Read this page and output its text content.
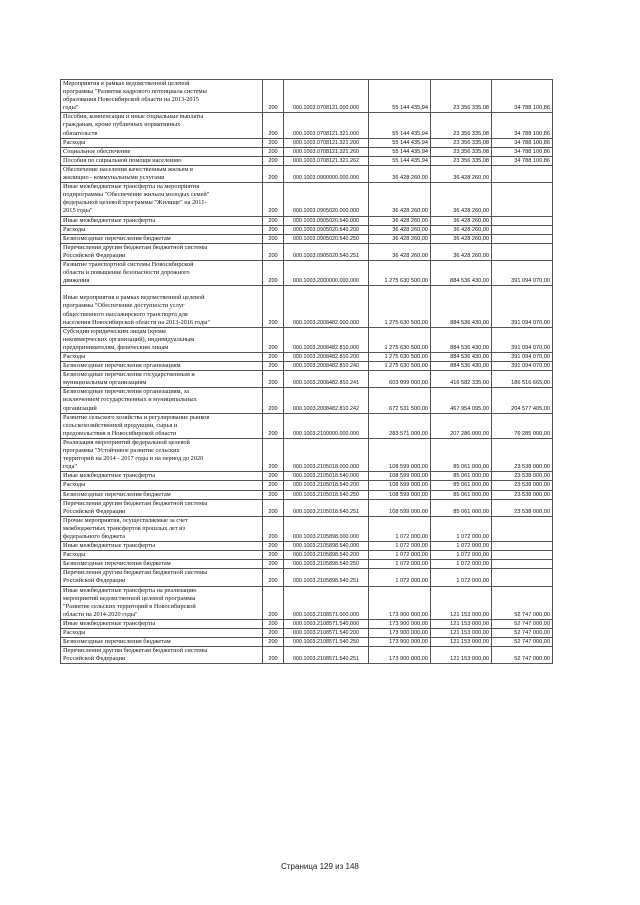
Мероприятия в рамках ведомственной целевой
программы "Развитие кадрового потенциала системы
образования Новосибирской области на 2013-2015
годы"	200	000.1003.0708121.000.000	55 144 435,94	23 356 335,08	34 788 100,86

Пособия, компенсации и иные социальные выплаты
гражданам, кроме публичных нормативных
обязательств	200	000.1003.0708121.321.000	55 144 435,94	23 356 335,08	34 788 100,86

Расходы	200	000.1003.0708121.321.200	55 144 435,94	23 356 335,08	34 788 100,86

Социальное обеспечение	200	000.1003.0708121.321.260	55 144 435,94	23 356 335,08	34 788 100,86

Пособия по социальной помощи населению	200	000.1003.0708121.321.262	55 144 435,94	23 356 335,08	34 788 100,86

Обеспечение населения качественным жильем в
жилищно - коммунальными услугами	200	000.1003.0900000.000.000	36 428 260,00	36 428 260,00	

Иные межбюджетные трансферты на мероприятия
подпрограммы "Обеспечение жильем молодых семей"
федеральной целевой программы "Жилище" на 2011-
2015 годы"	200	000.1003.0905020.000.000	36 428 260,00	36 428 260,00	

Иные межбюджетные трансферты	200	000.1003.0905020.540.000	36 428 260,00	36 428 260,00	

Расходы	200	000.1003.0905020.540.200	36 428 260,00	36 428 260,00	

Безвозмездные перечисления бюджетам	200	000.1003.0905020.540.250	36 428 260,00	36 428 260,00	

Перечисления другим бюджетам бюджетной системы
Российской Федерации	200	000.1003.0905020.540.251	36 428 260,00	36 428 260,00	

Развитие транспортной системы Новосибирской
области и повышение безопасности дорожного
движения	200	000.1003.2000000.000.000	1 275 630 500,00	884 536 430,00	391 094 070,00

Иные мероприятия в рамках ведомственной целевой
программы "Обеспечение доступности услуг
общественного пассажирского транспорта для
населения Новосибирской области на 2013-2016 годы"	200	000.1003.2008482.000.000	1 275 630 500,00	884 536 430,00	391 094 070,00

Субсидии юридическим лицам (кроме
некоммерческих организаций), индивидуальным
предпринимателям, физическим лицам	200	000.1003.2008482.810.000	1 275 630 500,00	884 536 430,00	391 094 070,00

Расходы	200	000.1003.2008482.810.200	1 275 630 500,00	884 536 430,00	391 094 070,00

Безвозмездные перечисления организациям	200	000.1003.2008482.810.240	1 275 630 500,00	884 536 430,00	391 094 070,00

Безвозмездные перечисления государственным и
муниципальным организациям	200	000.1003.2008482.810.241	603 099 000,00	416 582 335,00	186 516 665,00

Безвозмездные перечисления организациям, за
исключением государственных и муниципальных
организаций	200	000.1003.2008482.810.242	672 531 500,00	467 954 095,00	204 577 405,00

Развитие сельского хозяйства и регулирование рынков
сельскохозяйственной продукции, сырья и
продовольствия в Новосибирской области	200	000.1003.2100000.000.000	283 571 000,00	207 286 000,00	76 285 000,00

Реализация мероприятий федеральной целевой
программы "Устойчивое развитие сельских
территорий на 2014 - 2017 годы и на период до 2020
года"	200	000.1003.2105018.000.000	108 599 000,00	85 061 000,00	23 538 000,00

Иные межбюджетные трансферты	200	000.1003.2105018.540.000	108 599 000,00	85 061 000,00	23 538 000,00

Расходы	200	000.1003.2105018.540.200	108 599 000,00	85 061 000,00	23 538 000,00

Безвозмездные перечисления бюджетам	200	000.1003.2105018.540.250	108 599 000,00	85 061 000,00	23 538 000,00

Перечисления другим бюджетам бюджетной системы
Российской Федерации	200	000.1003.2105018.540.251	108 599 000,00	85 061 000,00	23 538 000,00

Прочие мероприятия, осуществляемые за счет
межбюджетных трансфертов прошлых лет из
федерального бюджета	200	000.1003.2105898.000.000	1 072 000,00	1 072 000,00	

Иные межбюджетные трансферты	200	000.1003.2105898.540.000	1 072 000,00	1 072 000,00	

Расходы	200	000.1003.2105898.540.200	1 072 000,00	1 072 000,00	

Безвозмездные перечисления бюджетам	200	000.1003.2105898.540.250	1 072 000,00	1 072 000,00	

Перечисления другим бюджетам бюджетной системы
Российской Федерации	200	000.1003.2105898.540.251	1 072 000,00	1 072 000,00	

Иные межбюджетные трансферты на реализацию
мероприятий ведомственной целевой программы
"Развитие сельских территорий в Новосибирской
области на 2014-2020 годы"	200	000.1003.2108571.000.000	173 900 000,00	121 153 000,00	52 747 000,00

Иные межбюджетные трансферты	200	000.1003.2108571.540.000	173 900 000,00	121 153 000,00	52 747 000,00

Расходы	200	000.1003.2108571.540.200	173 900 000,00	121 153 000,00	52 747 000,00

Безвозмездные перечисления бюджетам	200	000.1003.2108571.540.250	173 900 000,00	121 153 000,00	52 747 000,00

Перечисления другим бюджетам бюджетной системы
Российской Федерации	200	000.1003.2108571.540.251	173 900 000,00	121 153 000,00	52 747 000,00
Страница 129 из 148
